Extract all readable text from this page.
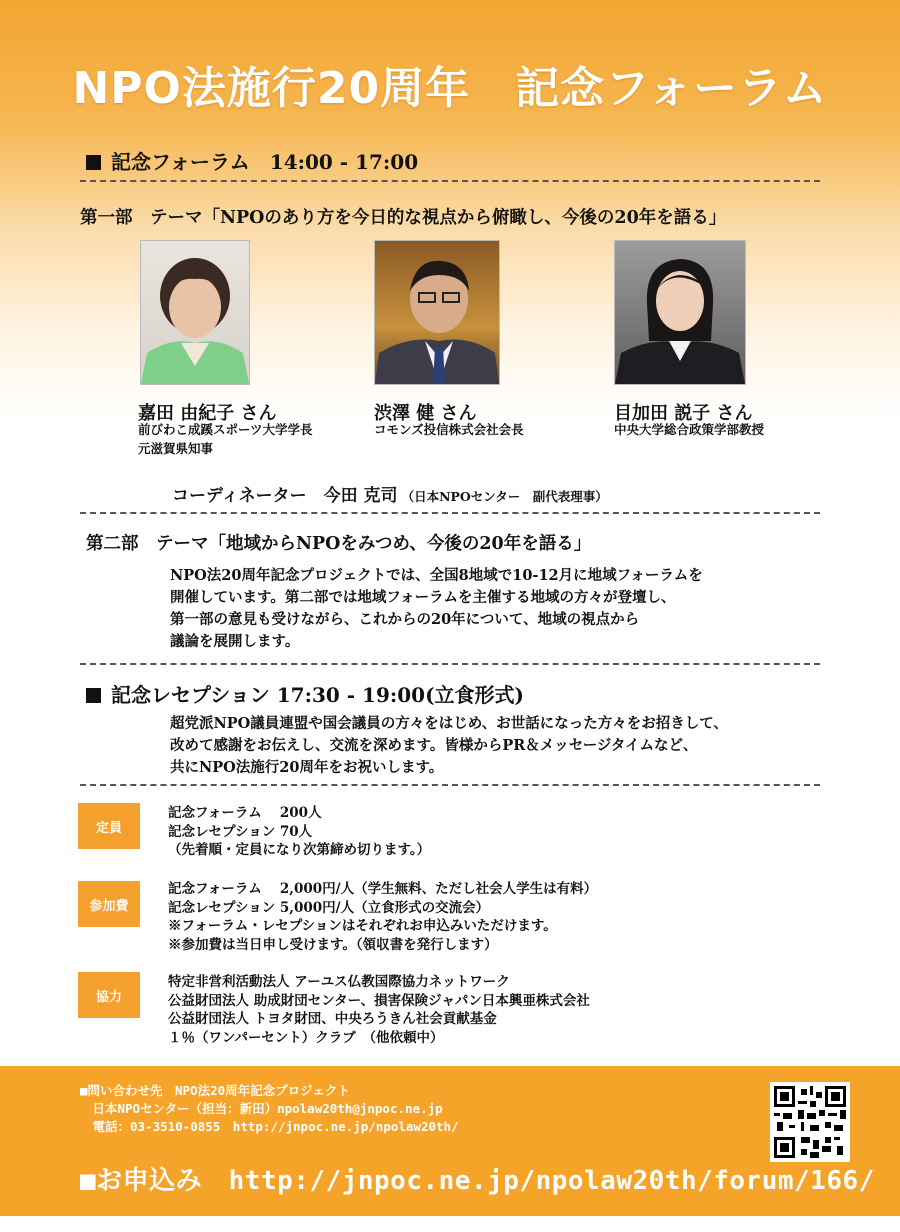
NPO法施行20周年　記念フォーラム
記念フォーラム　14:00 - 17:00
第一部　テーマ「NPOのあり方を今日的な視点から俯瞰し、今後の20年を語る」
嘉田 由紀子 さん
前びわこ成蹊スポーツ大学学長
元滋賀県知事
渋澤 健 さん
コモンズ投信株式会社会長
目加田 説子 さん
中央大学総合政策学部教授
コーディネーター　今田 克司 （日本NPOセンター　副代表理事）
第二部　テーマ「地域からNPOをみつめ、今後の20年を語る」
NPO法20周年記念プロジェクトでは、全国8地域で10-12月に地域フォーラムを
開催しています。第二部では地域フォーラムを主催する地域の方々が登壇し、
第一部の意見も受けながら、これからの20年について、地域の視点から
議論を展開します。
記念レセプション 17:30 - 19:00(立食形式)
超党派NPO議員連盟や国会議員の方々をはじめ、お世話になった方々をお招きして、
改めて感謝をお伝えし、交流を深めます。皆様からPR＆メッセージタイムなど、
共にNPO法施行20周年をお祝いします。
定員
記念フォーラム　 200人
記念レセプション 70人
（先着順・定員になり次第締め切ります。）
参加費
記念フォーラム　 2,000円/人（学生無料、ただし社会人学生は有料）
記念レセプション 5,000円/人（立食形式の交流会）
※フォーラム・レセプションはそれぞれお申込みいただけます。
※参加費は当日申し受けます。（領収書を発行します）
協力
特定非営利活動法人 アーユス仏教国際協力ネットワーク
公益財団法人 助成財団センター、損害保険ジャパン日本興亜株式会社
公益財団法人 トヨタ財団、中央ろうきん社会貢献基金
１％（ワンパーセント）クラブ　（他依頼中）
■問い合わせ先　NPO法20周年記念プロジェクト
　日本NPOセンター（担当：新田）npolaw20th@jnpoc.ne.jp
　電話：03-3510-0855　http://jnpoc.ne.jp/npolaw20th/
■お申込み　http://jnpoc.ne.jp/npolaw20th/forum/166/
